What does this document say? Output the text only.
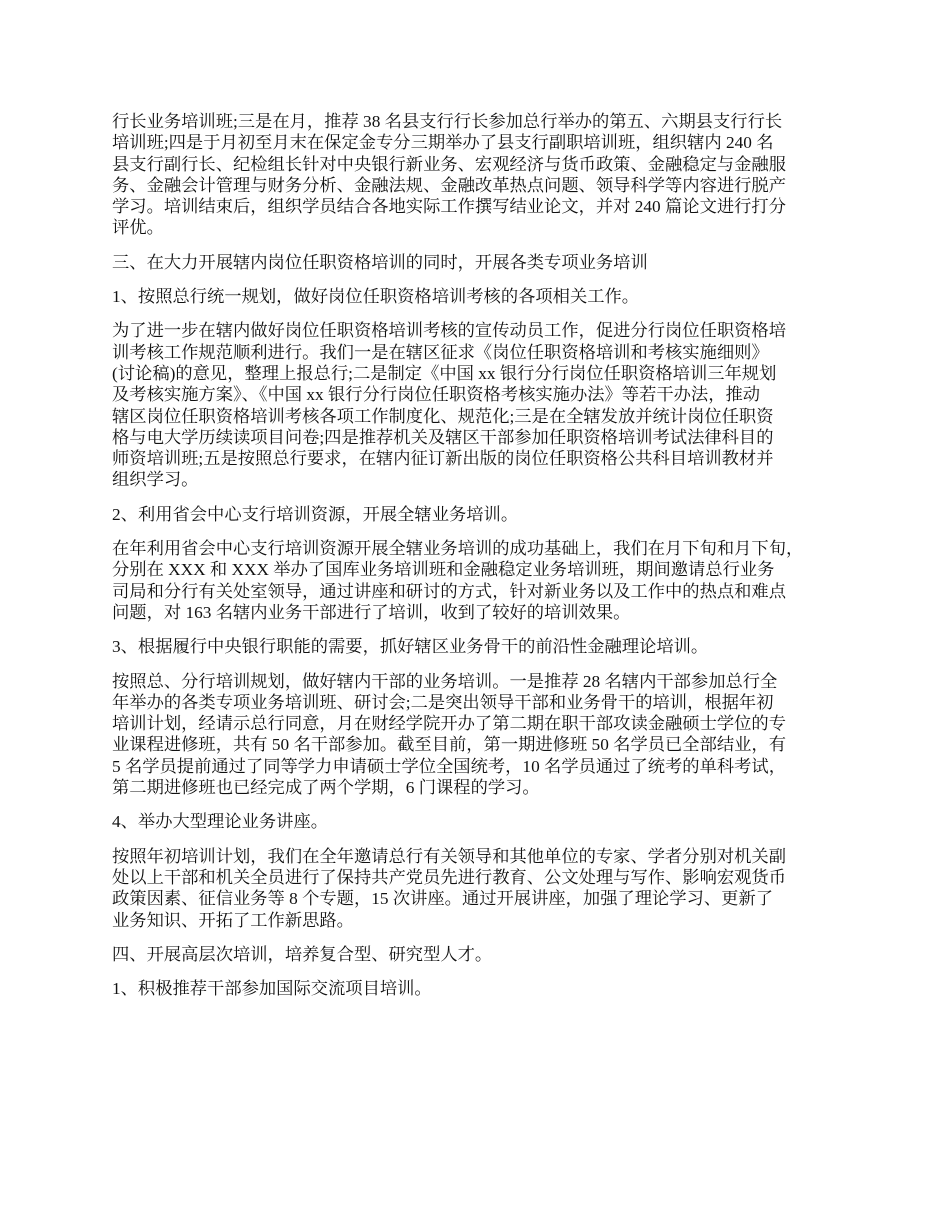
行长业务培训班;三是在月，推荐 38 名县支行行长参加总行举办的第五、六期县支行行长
培训班;四是于月初至月末在保定金专分三期举办了县支行副职培训班，组织辖内 240 名
县支行副行长、纪检组长针对中央银行新业务、宏观经济与货币政策、金融稳定与金融服
务、金融会计管理与财务分析、金融法规、金融改革热点问题、领导科学等内容进行脱产
学习。培训结束后，组织学员结合各地实际工作撰写结业论文，并对 240 篇论文进行打分
评优。

三、在大力开展辖内岗位任职资格培训的同时，开展各类专项业务培训

1、按照总行统一规划，做好岗位任职资格培训考核的各项相关工作。

为了进一步在辖内做好岗位任职资格培训考核的宣传动员工作，促进分行岗位任职资格培
训考核工作规范顺利进行。我们一是在辖区征求《岗位任职资格培训和考核实施细则》
(讨论稿)的意见，整理上报总行;二是制定《中国 xx 银行分行岗位任职资格培训三年规划
及考核实施方案》、《中国 xx 银行分行岗位任职资格考核实施办法》等若干办法，推动
辖区岗位任职资格培训考核各项工作制度化、规范化;三是在全辖发放并统计岗位任职资
格与电大学历续读项目问卷;四是推荐机关及辖区干部参加任职资格培训考试法律科目的
师资培训班;五是按照总行要求，在辖内征订新出版的岗位任职资格公共科目培训教材并
组织学习。

2、利用省会中心支行培训资源，开展全辖业务培训。

在年利用省会中心支行培训资源开展全辖业务培训的成功基础上，我们在月下旬和月下旬，
分别在 XXX 和 XXX 举办了国库业务培训班和金融稳定业务培训班，期间邀请总行业务
司局和分行有关处室领导，通过讲座和研讨的方式，针对新业务以及工作中的热点和难点
问题，对 163 名辖内业务干部进行了培训，收到了较好的培训效果。

3、根据履行中央银行职能的需要，抓好辖区业务骨干的前沿性金融理论培训。

按照总、分行培训规划，做好辖内干部的业务培训。一是推荐 28 名辖内干部参加总行全
年举办的各类专项业务培训班、研讨会;二是突出领导干部和业务骨干的培训，根据年初
培训计划，经请示总行同意，月在财经学院开办了第二期在职干部攻读金融硕士学位的专
业课程进修班，共有 50 名干部参加。截至目前，第一期进修班 50 名学员已全部结业，有
5 名学员提前通过了同等学力申请硕士学位全国统考，10 名学员通过了统考的单科考试，
第二期进修班也已经完成了两个学期，6 门课程的学习。

4、举办大型理论业务讲座。

按照年初培训计划，我们在全年邀请总行有关领导和其他单位的专家、学者分别对机关副
处以上干部和机关全员进行了保持共产党员先进行教育、公文处理与写作、影响宏观货币
政策因素、征信业务等 8 个专题，15 次讲座。通过开展讲座，加强了理论学习、更新了
业务知识、开拓了工作新思路。

四、开展高层次培训，培养复合型、研究型人才。

1、积极推荐干部参加国际交流项目培训。
